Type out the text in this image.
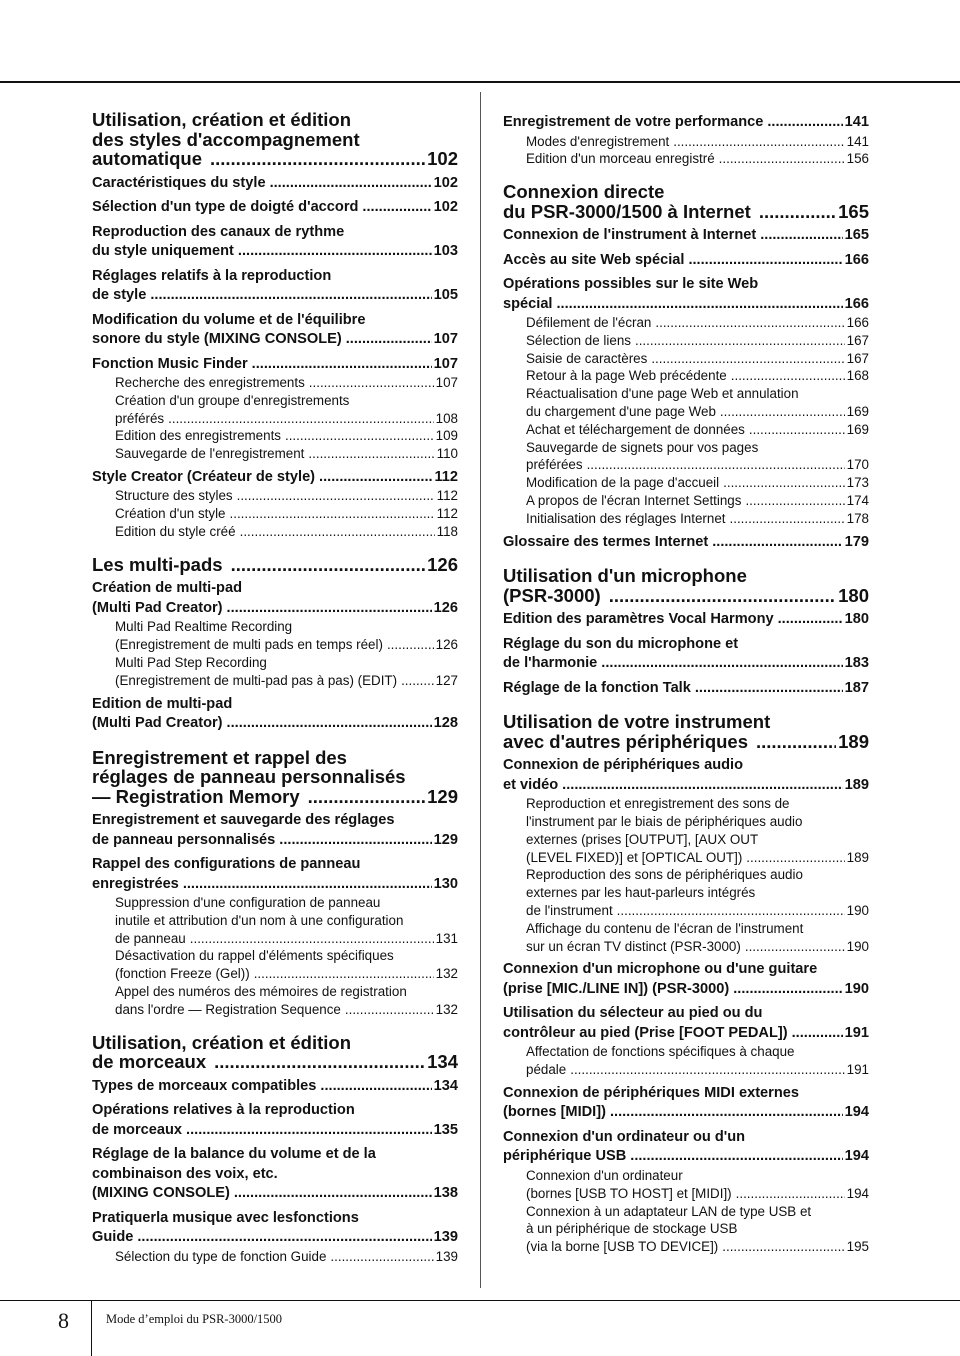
Utilisation, création et édition
des styles d'accompagnement
automatique .....	102
Caractéristiques du style .....	102
Sélection d'un type de doigté d'accord .....	102
Reproduction des canaux de rythme
du style uniquement .....	103
Réglages relatifs à la reproduction
de style .....	105
Modification du volume et de l'équilibre
sonore du style (MIXING CONSOLE) .....	107
Fonction Music Finder .....	107
Recherche des enregistrements .....	107
Création d'un groupe d'enregistrements
préférés .....	108
Edition des enregistrements .....	109
Sauvegarde de l'enregistrement .....	110
Style Creator (Créateur de style) .....	112
Structure des styles .....	112
Création d'un style .....	112
Edition du style créé .....	118
Les multi-pads .....	126
Création de multi-pad
(Multi Pad Creator) .....	126
Multi Pad Realtime Recording
(Enregistrement de multi pads en temps réel) .....	126
Multi Pad Step Recording
(Enregistrement de multi-pad pas à pas) (EDIT) .....	127
Edition de multi-pad
(Multi Pad Creator) .....	128
Enregistrement et rappel des
réglages de panneau personnalisés
— Registration Memory .....	129
Enregistrement et sauvegarde des réglages
de panneau personnalisés .....	129
Rappel des configurations de panneau
enregistrées .....	130
Suppression d'une configuration de panneau
inutile et attribution d'un nom à une configuration
de panneau .....	131
Désactivation du rappel d'éléments spécifiques
(fonction Freeze (Gel)) .....	132
Appel des numéros des mémoires de registration
dans l'ordre — Registration Sequence .....	132
Utilisation, création et édition
de morceaux .....	134
Types de morceaux compatibles .....	134
Opérations relatives à la reproduction
de morceaux .....	135
Réglage de la balance du volume et de la
combinaison des voix, etc.
(MIXING CONSOLE) .....	138
Pratiquerla musique avec lesfonctions
Guide .....	139
Sélection du type de fonction Guide .....	139
Enregistrement de votre performance .....	141
Modes d'enregistrement .....	141
Edition d'un morceau enregistré .....	156
Connexion directe
du PSR-3000/1500 à Internet .....	165
Connexion de l'instrument à Internet .....	165
Accès au site Web spécial .....	166
Opérations possibles sur le site Web
spécial .....	166
Défilement de l'écran .....	166
Sélection de liens .....	167
Saisie de caractères .....	167
Retour à la page Web précédente .....	168
Réactualisation d'une page Web et annulation
du chargement d'une page Web .....	169
Achat et téléchargement de données .....	169
Sauvegarde de signets pour vos pages
préférées .....	170
Modification de la page d'accueil .....	173
A propos de l'écran Internet Settings .....	174
Initialisation des réglages Internet .....	178
Glossaire des termes Internet .....	179
Utilisation d'un microphone
(PSR-3000) .....	180
Edition des paramètres Vocal Harmony .....	180
Réglage du son du microphone et
de l'harmonie .....	183
Réglage de la fonction Talk .....	187
Utilisation de votre instrument
avec d'autres périphériques .....	189
Connexion de périphériques audio
et vidéo .....	189
Reproduction et enregistrement des sons de
l'instrument par le biais de périphériques audio
externes (prises [OUTPUT], [AUX OUT
(LEVEL FIXED)] et [OPTICAL OUT]) .....	189
Reproduction des sons de périphériques audio
externes par les haut-parleurs intégrés
de l'instrument .....	190
Affichage du contenu de l'écran de l'instrument
sur un écran TV distinct (PSR-3000) .....	190
Connexion d'un microphone ou d'une guitare
(prise [MIC./LINE IN]) (PSR-3000) .....	190
Utilisation du sélecteur au pied ou du
contrôleur au pied (Prise [FOOT PEDAL]) .....	191
Affectation de fonctions spécifiques à chaque
pédale .....	191
Connexion de périphériques MIDI externes
(bornes [MIDI]) .....	194
Connexion d'un ordinateur ou d'un
périphérique USB .....	194
Connexion d'un ordinateur
(bornes [USB TO HOST] et [MIDI]) .....	194
Connexion à un adaptateur LAN de type USB et
à un périphérique de stockage USB
(via la borne [USB TO DEVICE]) .....	195
8	Mode d’emploi du PSR-3000/1500
